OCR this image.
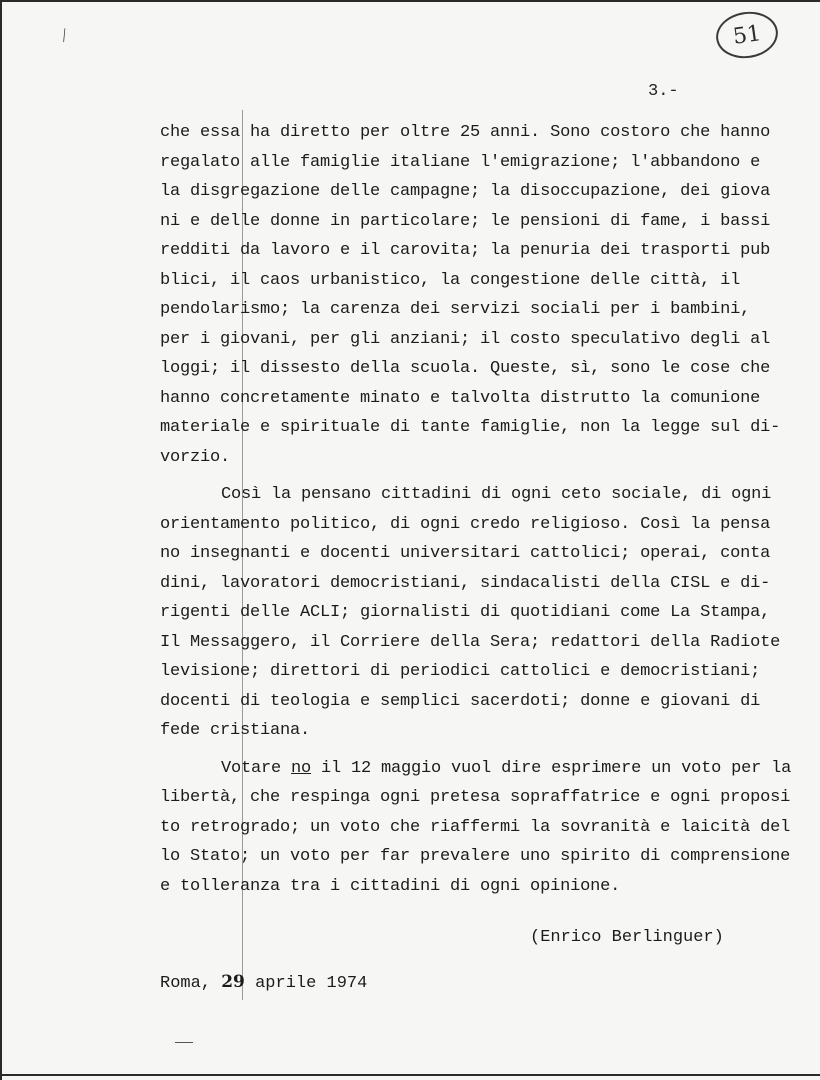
⟋	51
3.-
che essa ha diretto per oltre 25 anni. Sono costoro che hanno
regalato alle famiglie italiane l'emigrazione; l'abbandono e
la disgregazione delle campagne; la disoccupazione, dei giova
ni e delle donne in particolare; le pensioni di fame, i bassi
redditi da lavoro e il carovita; la penuria dei trasporti pub
blici, il caos urbanistico, la congestione delle città, il
pendolarismo; la carenza dei servizi sociali per i bambini,
per i giovani, per gli anziani; il costo speculativo degli al
loggi; il dissesto della scuola. Queste, sì, sono le cose che
hanno concretamente minato e talvolta distrutto la comunione
materiale e spirituale di tante famiglie, non la legge sul di-
vorzio.
Così la pensano cittadini di ogni ceto sociale, di ogni
orientamento politico, di ogni credo religioso. Così la pensa
no insegnanti e docenti universitari cattolici; operai, conta
dini, lavoratori democristiani, sindacalisti della CISL e di-
rigenti delle ACLI; giornalisti di quotidiani come La Stampa,
Il Messaggero, il Corriere della Sera; redattori della Radiote
levisione; direttori di periodici cattolici e democristiani;
docenti di teologia e semplici sacerdoti; donne e giovani di
fede cristiana.
Votare no il 12 maggio vuol dire esprimere un voto per la
libertà, che respinga ogni pretesa sopraffatrice e ogni proposi
to retrogrado; un voto che riaffermi la sovranità e laicità del
lo Stato; un voto per far prevalere uno spirito di comprensione
e tolleranza tra i cittadini di ogni opinione.
(Enrico Berlinguer)
Roma, 29 aprile 1974
